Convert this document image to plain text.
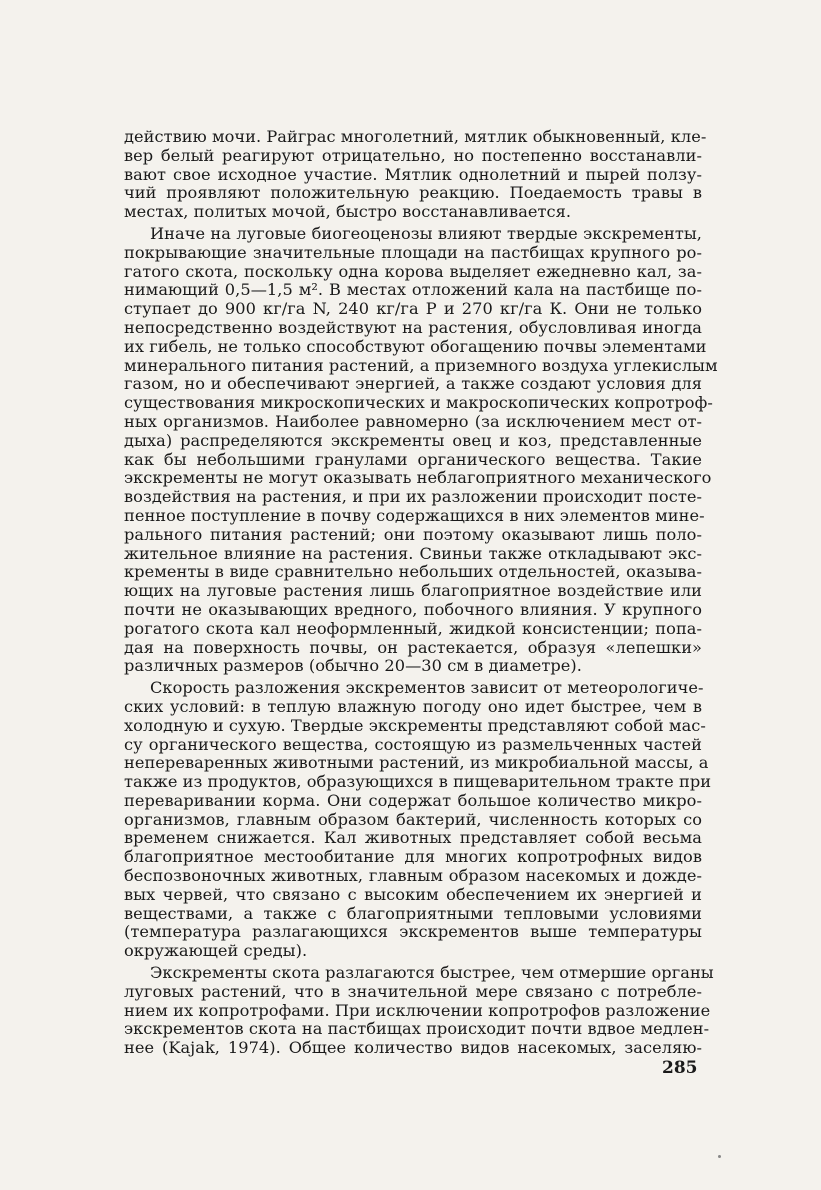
действию мочи. Райграс многолетний, мятлик обыкновенный, кле-
вер белый реагируют отрицательно, но постепенно восстанавли-
вают свое исходное участие. Мятлик однолетний и пырей ползу-
чий проявляют положительную реакцию. Поедаемость травы в
местах, политых мочой, быстро восстанавливается.
Иначе на луговые биогеоценозы влияют твердые экскременты,
покрывающие значительные площади на пастбищах крупного ро-
гатого скота, поскольку одна корова выделяет ежедневно кал, за-
нимающий 0,5—1,5 м². В местах отложений кала на пастбище по-
ступает до 900 кг/га N, 240 кг/га Р и 270 кг/га К. Они не только
непосредственно воздействуют на растения, обусловливая иногда
их гибель, не только способствуют обогащению почвы элементами
минерального питания растений, а приземного воздуха углекислым
газом, но и обеспечивают энергией, а также создают условия для
существования микроскопических и макроскопических копротроф-
ных организмов. Наиболее равномерно (за исключением мест от-
дыха) распределяются экскременты овец и коз, представленные
как бы небольшими гранулами органического вещества. Такие
экскременты не могут оказывать неблагоприятного механического
воздействия на растения, и при их разложении происходит посте-
пенное поступление в почву содержащихся в них элементов мине-
рального питания растений; они поэтому оказывают лишь поло-
жительное влияние на растения. Свиньи также откладывают экс-
кременты в виде сравнительно небольших отдельностей, оказыва-
ющих на луговые растения лишь благоприятное воздействие или
почти не оказывающих вредного, побочного влияния. У крупного
рогатого скота кал неоформленный, жидкой консистенции; попа-
дая на поверхность почвы, он растекается, образуя «лепешки»
различных размеров (обычно 20—30 см в диаметре).
Скорость разложения экскрементов зависит от метеорологиче-
ских условий: в теплую влажную погоду оно идет быстрее, чем в
холодную и сухую. Твердые экскременты представляют собой мас-
су органического вещества, состоящую из размельченных частей
непереваренных животными растений, из микробиальной массы, а
также из продуктов, образующихся в пищеварительном тракте при
переваривании корма. Они содержат большое количество микро-
организмов, главным образом бактерий, численность которых со
временем снижается. Кал животных представляет собой весьма
благоприятное местообитание для многих копротрофных видов
беспозвоночных животных, главным образом насекомых и дожде-
вых червей, что связано с высоким обеспечением их энергией и
веществами, а также с благоприятными тепловыми условиями
(температура разлагающихся экскрементов выше температуры
окружающей среды).
Экскременты скота разлагаются быстрее, чем отмершие органы
луговых растений, что в значительной мере связано с потребле-
нием их копротрофами. При исключении копротрофов разложение
экскрементов скота на пастбищах происходит почти вдвое медлен-
нее (Kajak, 1974). Общее количество видов насекомых, заселяю-
285
